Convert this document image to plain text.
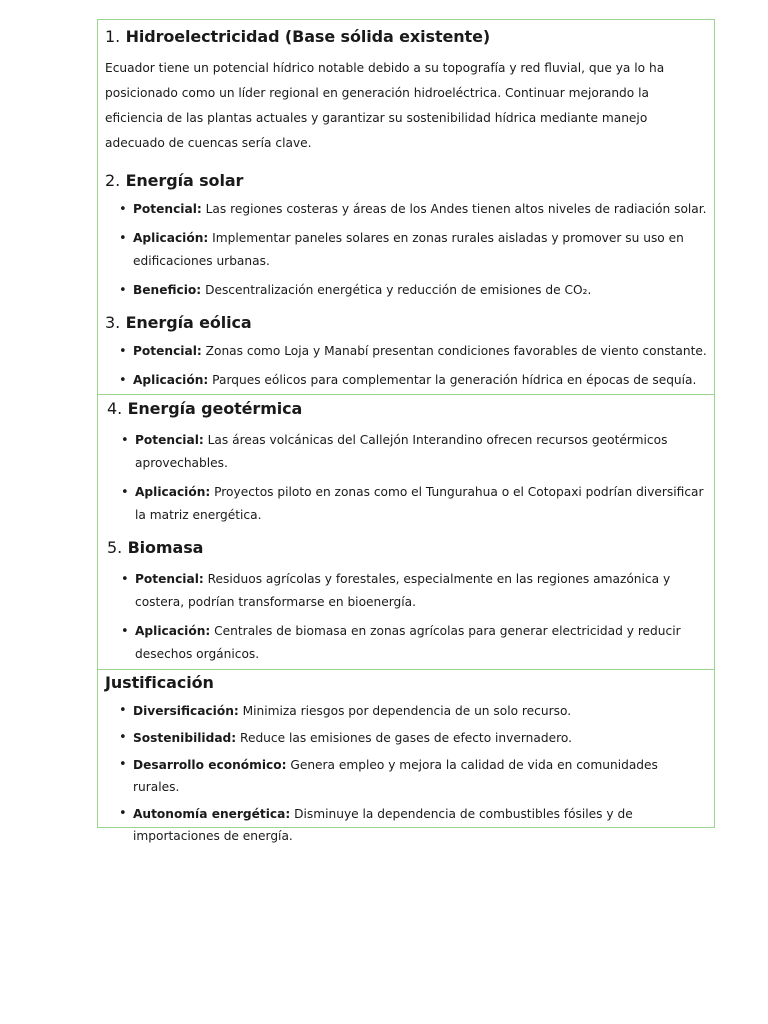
1. Hidroelectricidad (Base sólida existente)

Ecuador tiene un potencial hídrico notable debido a su topografía y red fluvial, que ya lo ha posicionado como un líder regional en generación hidroeléctrica. Continuar mejorando la eficiencia de las plantas actuales y garantizar su sostenibilidad hídrica mediante manejo adecuado de cuencas sería clave.

2. Energía solar
• Potencial: Las regiones costeras y áreas de los Andes tienen altos niveles de radiación solar.
• Aplicación: Implementar paneles solares en zonas rurales aisladas y promover su uso en edificaciones urbanas.
• Beneficio: Descentralización energética y reducción de emisiones de CO₂.
3. Energía eólica
• Potencial: Zonas como Loja y Manabí presentan condiciones favorables de viento constante.
• Aplicación: Parques eólicos para complementar la generación hídrica en épocas de sequía.
4. Energía geotérmica
• Potencial: Las áreas volcánicas del Callejón Interandino ofrecen recursos geotérmicos aprovechables.
• Aplicación: Proyectos piloto en zonas como el Tungurahua o el Cotopaxi podrían diversificar la matriz energética.
5. Biomasa
• Potencial: Residuos agrícolas y forestales, especialmente en las regiones amazónica y costera, podrían transformarse en bioenergía.
• Aplicación: Centrales de biomasa en zonas agrícolas para generar electricidad y reducir desechos orgánicos.
Justificación
• Diversificación: Minimiza riesgos por dependencia de un solo recurso.
• Sostenibilidad: Reduce las emisiones de gases de efecto invernadero.
• Desarrollo económico: Genera empleo y mejora la calidad de vida en comunidades rurales.
• Autonomía energética: Disminuye la dependencia de combustibles fósiles y de importaciones de energía.
